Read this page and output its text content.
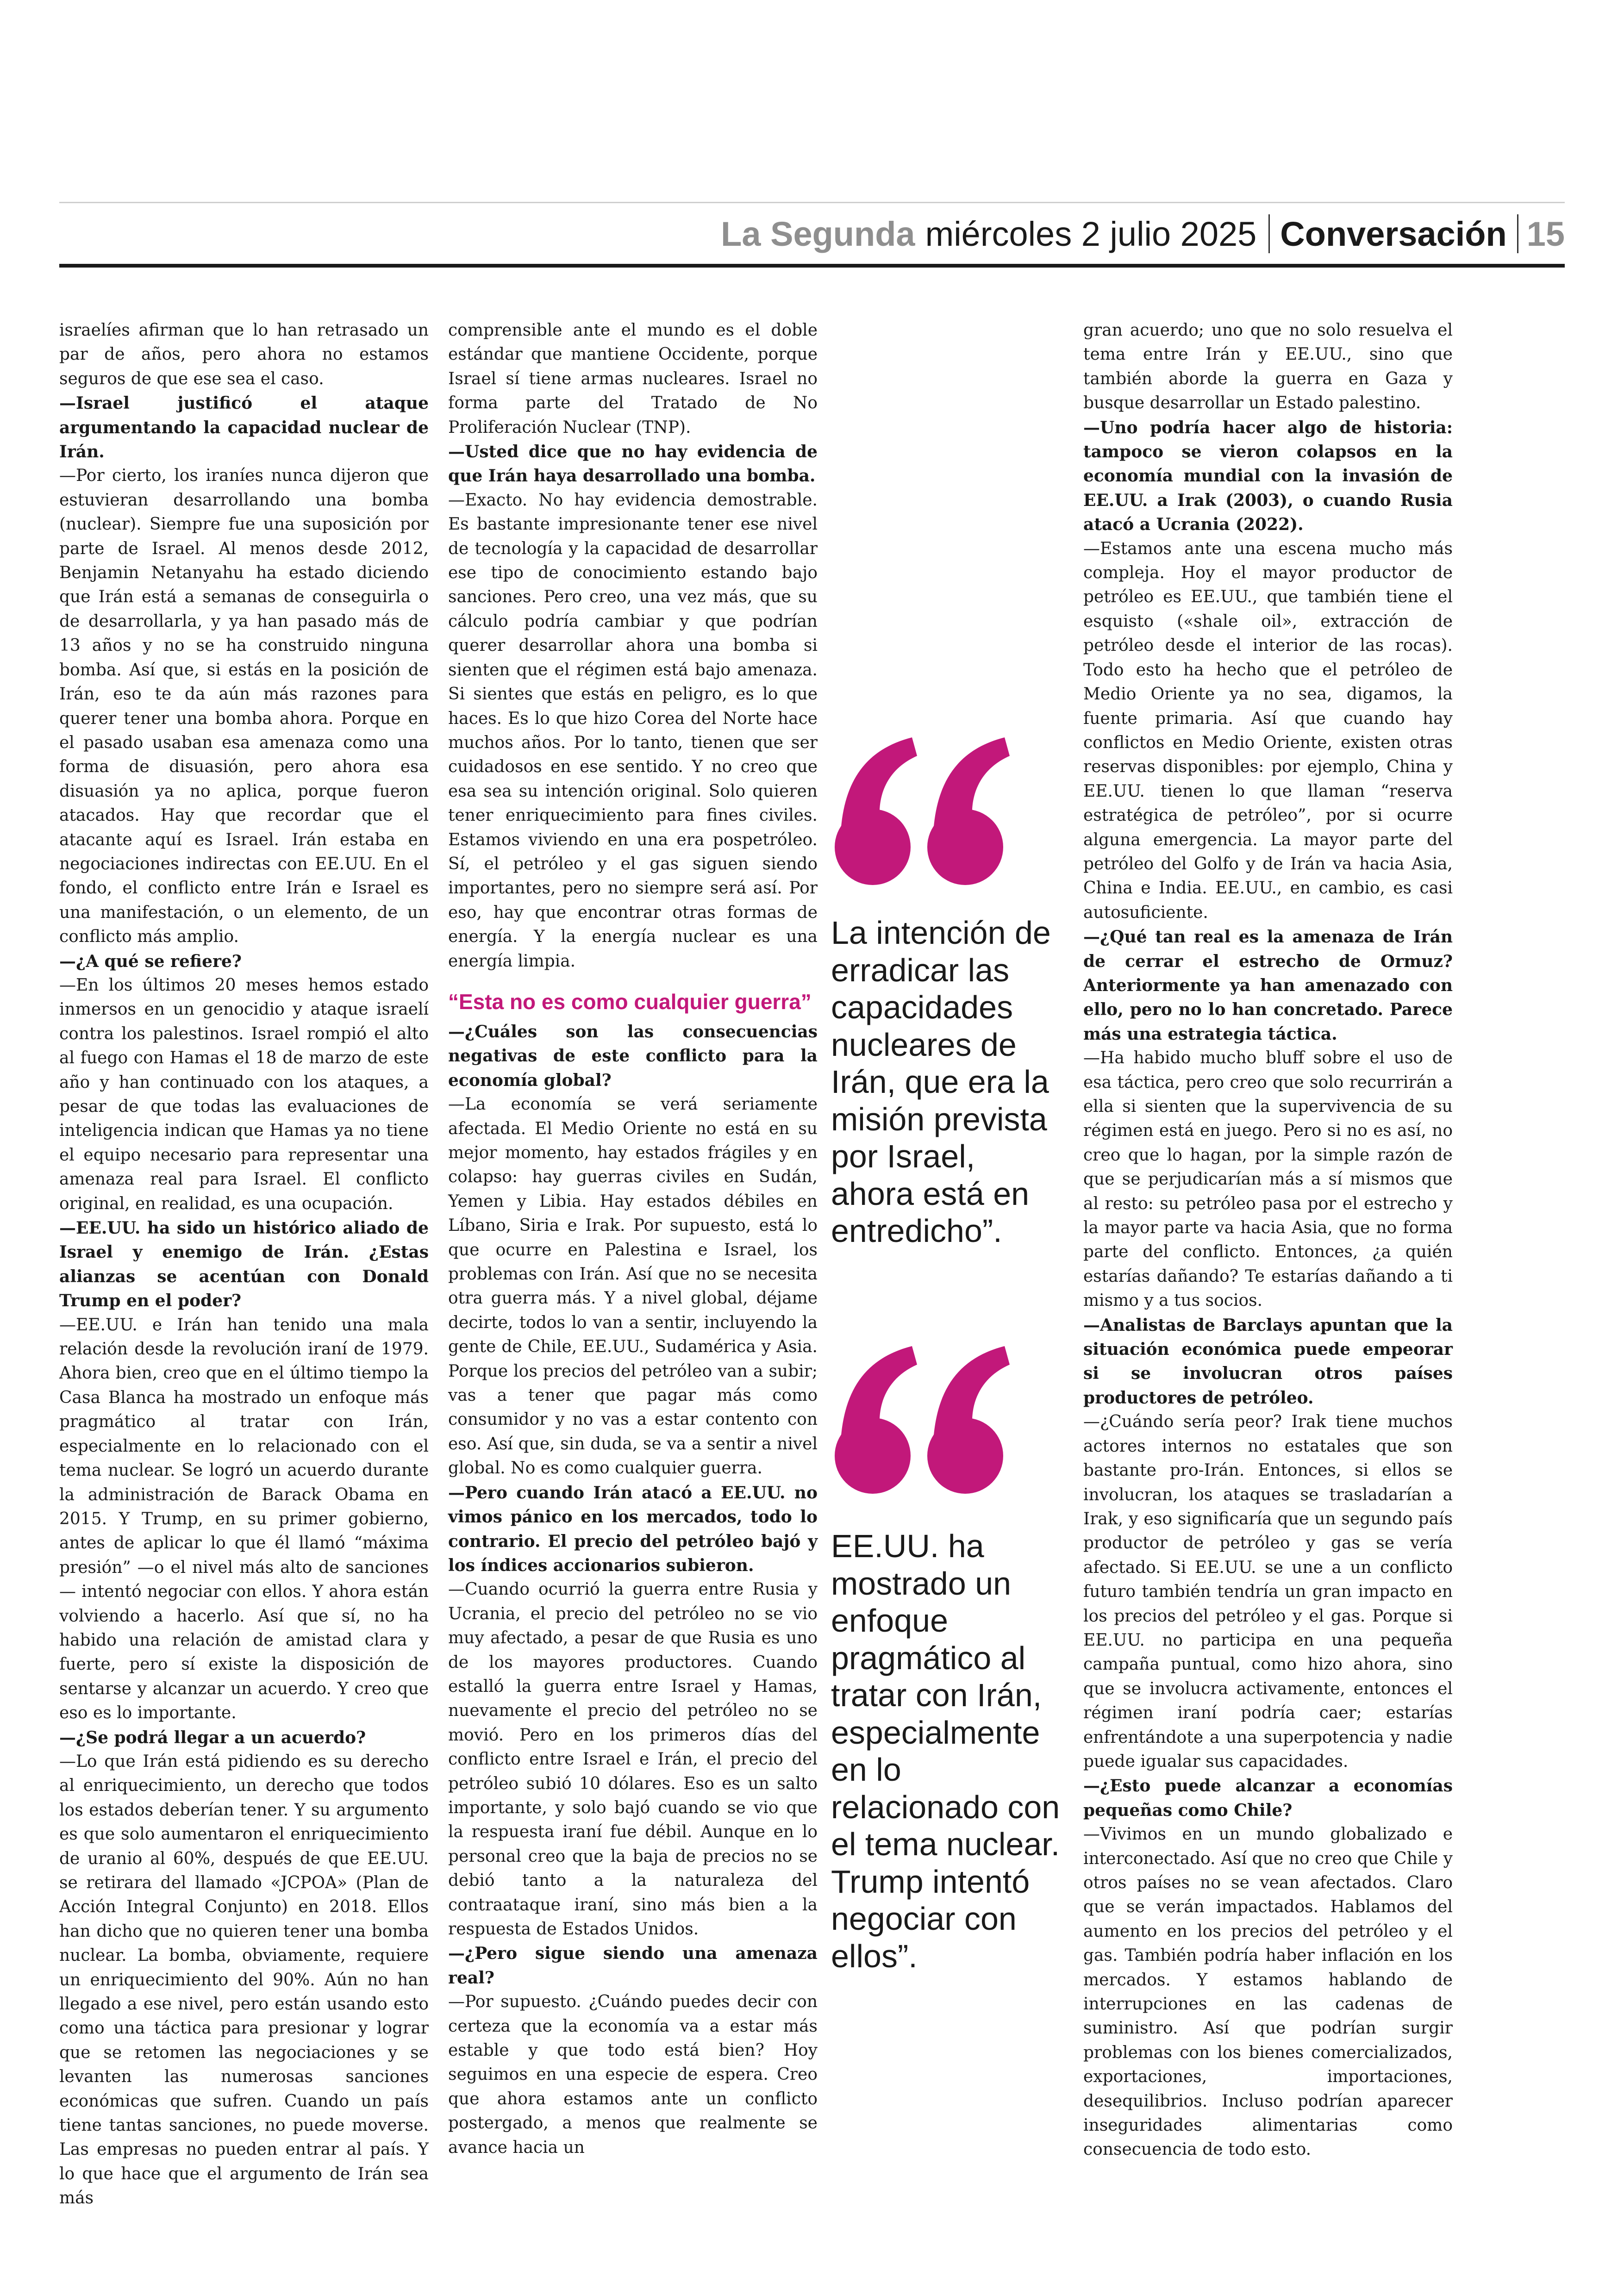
La Segunda miércoles 2 julio 2025 Conversación 15

israelíes afirman que lo han retrasado un par de años, pero ahora no estamos seguros de que ese sea el caso.

—Israel justificó el ataque argumentando la capacidad nuclear de Irán.

—Por cierto, los iraníes nunca dijeron que estuvieran desarrollando una bomba (nuclear). Siempre fue una suposición por parte de Israel. Al menos desde 2012, Benjamin Netanyahu ha estado diciendo que Irán está a semanas de conseguirla o de desarrollarla, y ya han pasado más de 13 años y no se ha construido ninguna bomba. Así que, si estás en la posición de Irán, eso te da aún más razones para querer tener una bomba ahora. Porque en el pasado usaban esa amenaza como una forma de disuasión, pero ahora esa disuasión ya no aplica, porque fueron atacados. Hay que recordar que el atacante aquí es Israel. Irán estaba en negociaciones indirectas con EE.UU. En el fondo, el conflicto entre Irán e Israel es una manifestación, o un elemento, de un conflicto más amplio.

—¿A qué se refiere?

—En los últimos 20 meses hemos estado inmersos en un genocidio y ataque israelí contra los palestinos. Israel rompió el alto al fuego con Hamas el 18 de marzo de este año y han continuado con los ataques, a pesar de que todas las evaluaciones de inteligencia indican que Hamas ya no tiene el equipo necesario para representar una amenaza real para Israel. El conflicto original, en realidad, es una ocupación.

—EE.UU. ha sido un histórico aliado de Israel y enemigo de Irán. ¿Estas alianzas se acentúan con Donald Trump en el poder?

—EE.UU. e Irán han tenido una mala relación desde la revolución iraní de 1979. Ahora bien, creo que en el último tiempo la Casa Blanca ha mostrado un enfoque más pragmático al tratar con Irán, especialmente en lo relacionado con el tema nuclear. Se logró un acuerdo durante la administración de Barack Obama en 2015. Y Trump, en su primer gobierno, antes de aplicar lo que él llamó “máxima presión” —o el nivel más alto de sanciones— intentó negociar con ellos. Y ahora están volviendo a hacerlo. Así que sí, no ha habido una relación de amistad clara y fuerte, pero sí existe la disposición de sentarse y alcanzar un acuerdo. Y creo que eso es lo importante.

—¿Se podrá llegar a un acuerdo?

—Lo que Irán está pidiendo es su derecho al enriquecimiento, un derecho que todos los estados deberían tener. Y su argumento es que solo aumentaron el enriquecimiento de uranio al 60%, después de que EE.UU. se retirara del llamado «JCPOA» (Plan de Acción Integral Conjunto) en 2018. Ellos han dicho que no quieren tener una bomba nuclear. La bomba, obviamente, requiere un enriquecimiento del 90%. Aún no han llegado a ese nivel, pero están usando esto como una táctica para presionar y lograr que se retomen las negociaciones y se levanten las numerosas sanciones económicas que sufren. Cuando un país tiene tantas sanciones, no puede moverse. Las empresas no pueden entrar al país. Y lo que hace que el argumento de Irán sea más

comprensible ante el mundo es el doble estándar que mantiene Occidente, porque Israel sí tiene armas nucleares. Israel no forma parte del Tratado de No Proliferación Nuclear (TNP).

—Usted dice que no hay evidencia de que Irán haya desarrollado una bomba.

—Exacto. No hay evidencia demostrable. Es bastante impresionante tener ese nivel de tecnología y la capacidad de desarrollar ese tipo de conocimiento estando bajo sanciones. Pero creo, una vez más, que su cálculo podría cambiar y que podrían querer desarrollar ahora una bomba si sienten que el régimen está bajo amenaza. Si sientes que estás en peligro, es lo que haces. Es lo que hizo Corea del Norte hace muchos años. Por lo tanto, tienen que ser cuidadosos en ese sentido. Y no creo que esa sea su intención original. Solo quieren tener enriquecimiento para fines civiles. Estamos viviendo en una era pospetróleo. Sí, el petróleo y el gas siguen siendo importantes, pero no siempre será así. Por eso, hay que encontrar otras formas de energía. Y la energía nuclear es una energía limpia.

“Esta no es como cualquier guerra”

—¿Cuáles son las consecuencias negativas de este conflicto para la economía global?

—La economía se verá seriamente afectada. El Medio Oriente no está en su mejor momento, hay estados frágiles y en colapso: hay guerras civiles en Sudán, Yemen y Libia. Hay estados débiles en Líbano, Siria e Irak. Por supuesto, está lo que ocurre en Palestina e Israel, los problemas con Irán. Así que no se necesita otra guerra más. Y a nivel global, déjame decirte, todos lo van a sentir, incluyendo la gente de Chile, EE.UU., Sudamérica y Asia. Porque los precios del petróleo van a subir; vas a tener que pagar más como consumidor y no vas a estar contento con eso. Así que, sin duda, se va a sentir a nivel global. No es como cualquier guerra.

—Pero cuando Irán atacó a EE.UU. no vimos pánico en los mercados, todo lo contrario. El precio del petróleo bajó y los índices accionarios subieron.

—Cuando ocurrió la guerra entre Rusia y Ucrania, el precio del petróleo no se vio muy afectado, a pesar de que Rusia es uno de los mayores productores. Cuando estalló la guerra entre Israel y Hamas, nuevamente el precio del petróleo no se movió. Pero en los primeros días del conflicto entre Israel e Irán, el precio del petróleo subió 10 dólares. Eso es un salto importante, y solo bajó cuando se vio que la respuesta iraní fue débil. Aunque en lo personal creo que la baja de precios no se debió tanto a la naturaleza del contraataque iraní, sino más bien a la respuesta de Estados Unidos.

—¿Pero sigue siendo una amenaza real?

—Por supuesto. ¿Cuándo puedes decir con certeza que la economía va a estar más estable y que todo está bien? Hoy seguimos en una especie de espera. Creo que ahora estamos ante un conflicto postergado, a menos que realmente se avance hacia un

La intención de erradicar las capacidades nucleares de Irán, que era la misión prevista por Israel, ahora está en entredicho”.
EE.UU. ha mostrado un enfoque pragmático al tratar con Irán, especialmente en lo relacionado con el tema nuclear. Trump intentó negociar con ellos”.

gran acuerdo; uno que no solo resuelva el tema entre Irán y EE.UU., sino que también aborde la guerra en Gaza y busque desarrollar un Estado palestino.

—Uno podría hacer algo de historia: tampoco se vieron colapsos en la economía mundial con la invasión de EE.UU. a Irak (2003), o cuando Rusia atacó a Ucrania (2022).

—Estamos ante una escena mucho más compleja. Hoy el mayor productor de petróleo es EE.UU., que también tiene el esquisto («shale oil», extracción de petróleo desde el interior de las rocas). Todo esto ha hecho que el petróleo de Medio Oriente ya no sea, digamos, la fuente primaria. Así que cuando hay conflictos en Medio Oriente, existen otras reservas disponibles: por ejemplo, China y EE.UU. tienen lo que llaman “reserva estratégica de petróleo”, por si ocurre alguna emergencia. La mayor parte del petróleo del Golfo y de Irán va hacia Asia, China e India. EE.UU., en cambio, es casi autosuficiente.

—¿Qué tan real es la amenaza de Irán de cerrar el estrecho de Ormuz? Anteriormente ya han amenazado con ello, pero no lo han concretado. Parece más una estrategia táctica.

—Ha habido mucho bluff sobre el uso de esa táctica, pero creo que solo recurrirán a ella si sienten que la supervivencia de su régimen está en juego. Pero si no es así, no creo que lo hagan, por la simple razón de que se perjudicarían más a sí mismos que al resto: su petróleo pasa por el estrecho y la mayor parte va hacia Asia, que no forma parte del conflicto. Entonces, ¿a quién estarías dañando? Te estarías dañando a ti mismo y a tus socios.

—Analistas de Barclays apuntan que la situación económica puede empeorar si se involucran otros países productores de petróleo.

—¿Cuándo sería peor? Irak tiene muchos actores internos no estatales que son bastante pro-Irán. Entonces, si ellos se involucran, los ataques se trasladarían a Irak, y eso significaría que un segundo país productor de petróleo y gas se vería afectado. Si EE.UU. se une a un conflicto futuro también tendría un gran impacto en los precios del petróleo y el gas. Porque si EE.UU. no participa en una pequeña campaña puntual, como hizo ahora, sino que se involucra activamente, entonces el régimen iraní podría caer; estarías enfrentándote a una superpotencia y nadie puede igualar sus capacidades.

—¿Esto puede alcanzar a economías pequeñas como Chile?

—Vivimos en un mundo globalizado e interconectado. Así que no creo que Chile y otros países no se vean afectados. Claro que se verán impactados. Hablamos del aumento en los precios del petróleo y el gas. También podría haber inflación en los mercados. Y estamos hablando de interrupciones en las cadenas de suministro. Así que podrían surgir problemas con los bienes comercializados, exportaciones, importaciones, desequilibrios. Incluso podrían aparecer inseguridades alimentarias como consecuencia de todo esto.
